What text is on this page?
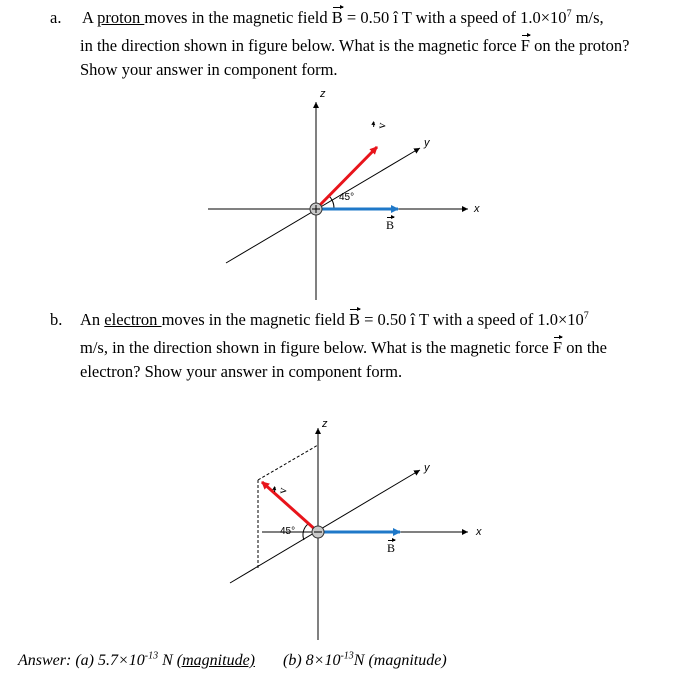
a. A proton moves in the magnetic field B = 0.50 î T with a speed of $1.0\times 10^7$ m/s,
in the direction shown in figure below. What is the magnetic force F on the proton?
Show your answer in component form.
z
y
x
45°
v
B
b. An electron moves in the magnetic field B = 0.50 î T with a speed of $1.0\times 10^7$
m/s, in the direction shown in figure below. What is the magnetic force F on the
electron? Show your answer in component form.
z
y
x
45°
v
B
Answer: (a) $5.7\times 10^{-13}$ N (magnitude) (b) $8\times 10^{-13}N$ (magnitude)
